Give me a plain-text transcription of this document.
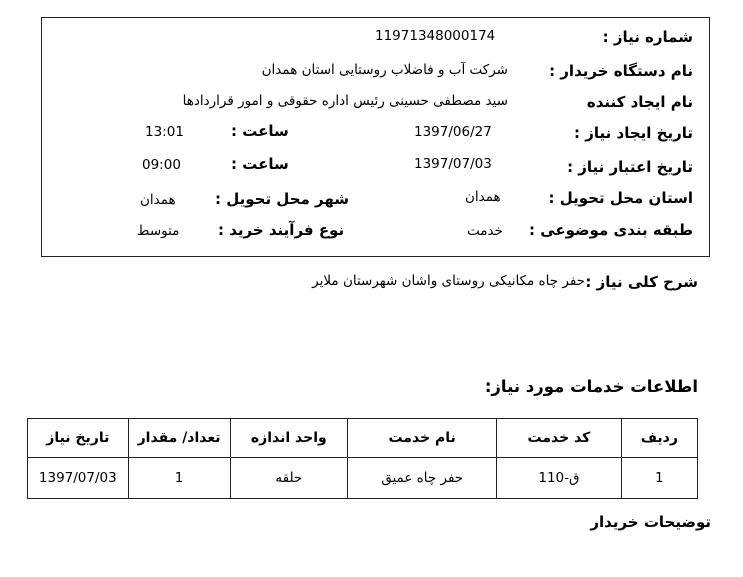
شماره نیاز :
11971348000174
نام دستگاه خریدار :
شرکت آب و فاضلاب روستایی استان همدان
نام ایجاد کننده
سید مصطفی حسینی رئیس اداره حقوقی و امور قراردادها
تاریخ ایجاد نیاز :
1397/06/27
ساعت :
13:01
تاریخ اعتبار نیاز :
1397/07/03
ساعت :
09:00
استان محل تحویل :
همدان
شهر محل تحویل :
همدان
طبقه بندی موضوعی :
خدمت
نوع فرآیند خرید :
متوسط
شرح کلی نیاز :
حفر چاه مکانیکی روستای واشان شهرستان ملایر
اطلاعات خدمات مورد نیاز:
ردیف	کد خدمت	نام خدمت	واحد اندازه	تعداد/ مقدار	تاریخ نیاز
1	ق-110	حفر چاه عمیق	حلقه	1	1397/07/03
توضیحات خریدار
